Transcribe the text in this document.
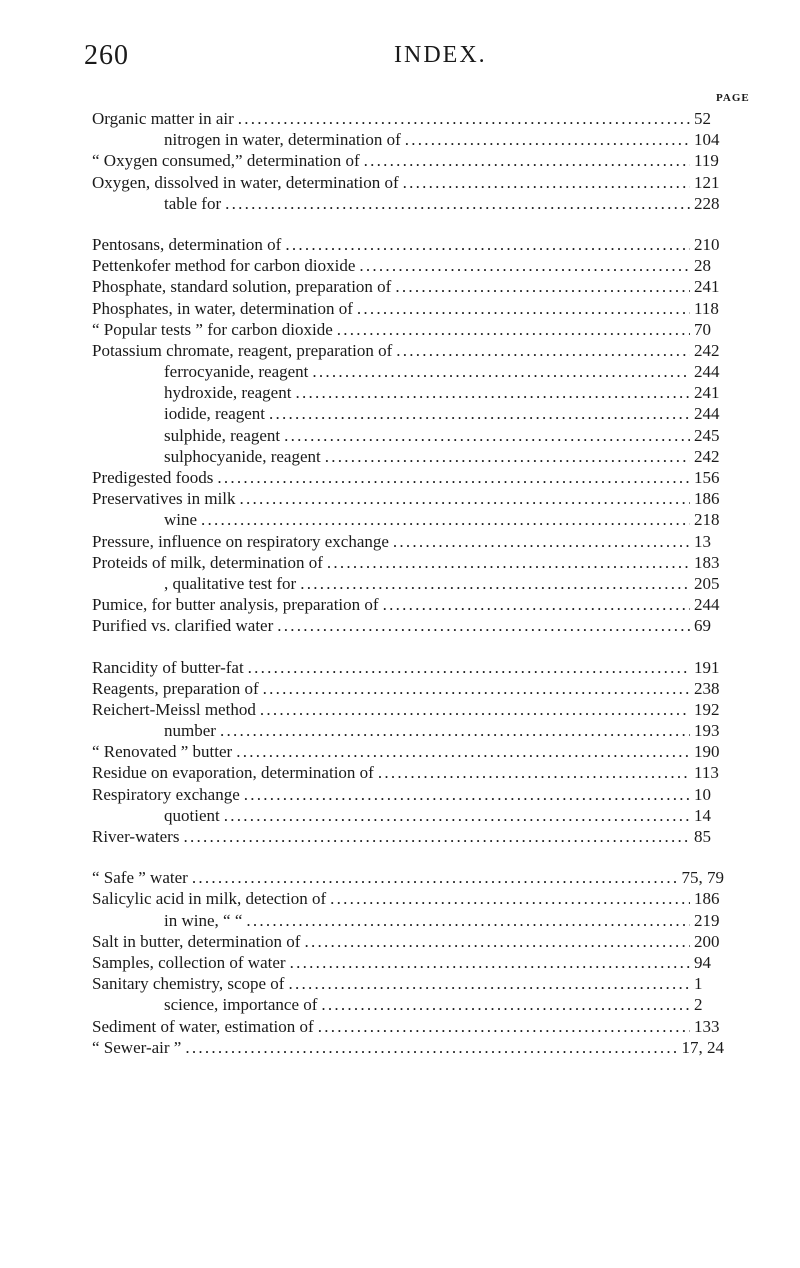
260	INDEX.
PAGE
Organic matter in air . . .	52
nitrogen in water, determination of . . .	104
“ Oxygen consumed,” determination of . . .	119
Oxygen, dissolved in water, determination of . . .	121
table for . . .	228
Pentosans, determination of . . .	210
Pettenkofer method for carbon dioxide . . .	28
Phosphate, standard solution, preparation of . . .	241
Phosphates, in water, determination of . . .	118
“ Popular tests ” for carbon dioxide . . .	70
Potassium chromate, reagent, preparation of . . .	242
ferrocyanide, reagent . . .	244
hydroxide, reagent . . .	241
iodide, reagent . . .	244
sulphide, reagent . . .	245
sulphocyanide, reagent . . .	242
Predigested foods . . .	156
Preservatives in milk . . .	186
wine . . .	218
Pressure, influence on respiratory exchange . . .	13
Proteids of milk, determination of . . .	183
, qualitative test for . . .	205
Pumice, for butter analysis, preparation of . . .	244
Purified vs. clarified water . . .	69
Rancidity of butter-fat . . .	191
Reagents, preparation of . . .	238
Reichert-Meissl method . . .	192
number . . .	193
“ Renovated ” butter . . .	190
Residue on evaporation, determination of . . .	113
Respiratory exchange . . .	10
quotient . . .	14
River-waters . . .	85
“ Safe ” water . . .	75, 79
Salicylic acid in milk, detection of . . .	186
in wine, “ “ . . .	219
Salt in butter, determination of . . .	200
Samples, collection of water . . .	94
Sanitary chemistry, scope of . . .	1
science, importance of . . .	2
Sediment of water, estimation of . . .	133
“ Sewer-air ” . . .	17, 24
